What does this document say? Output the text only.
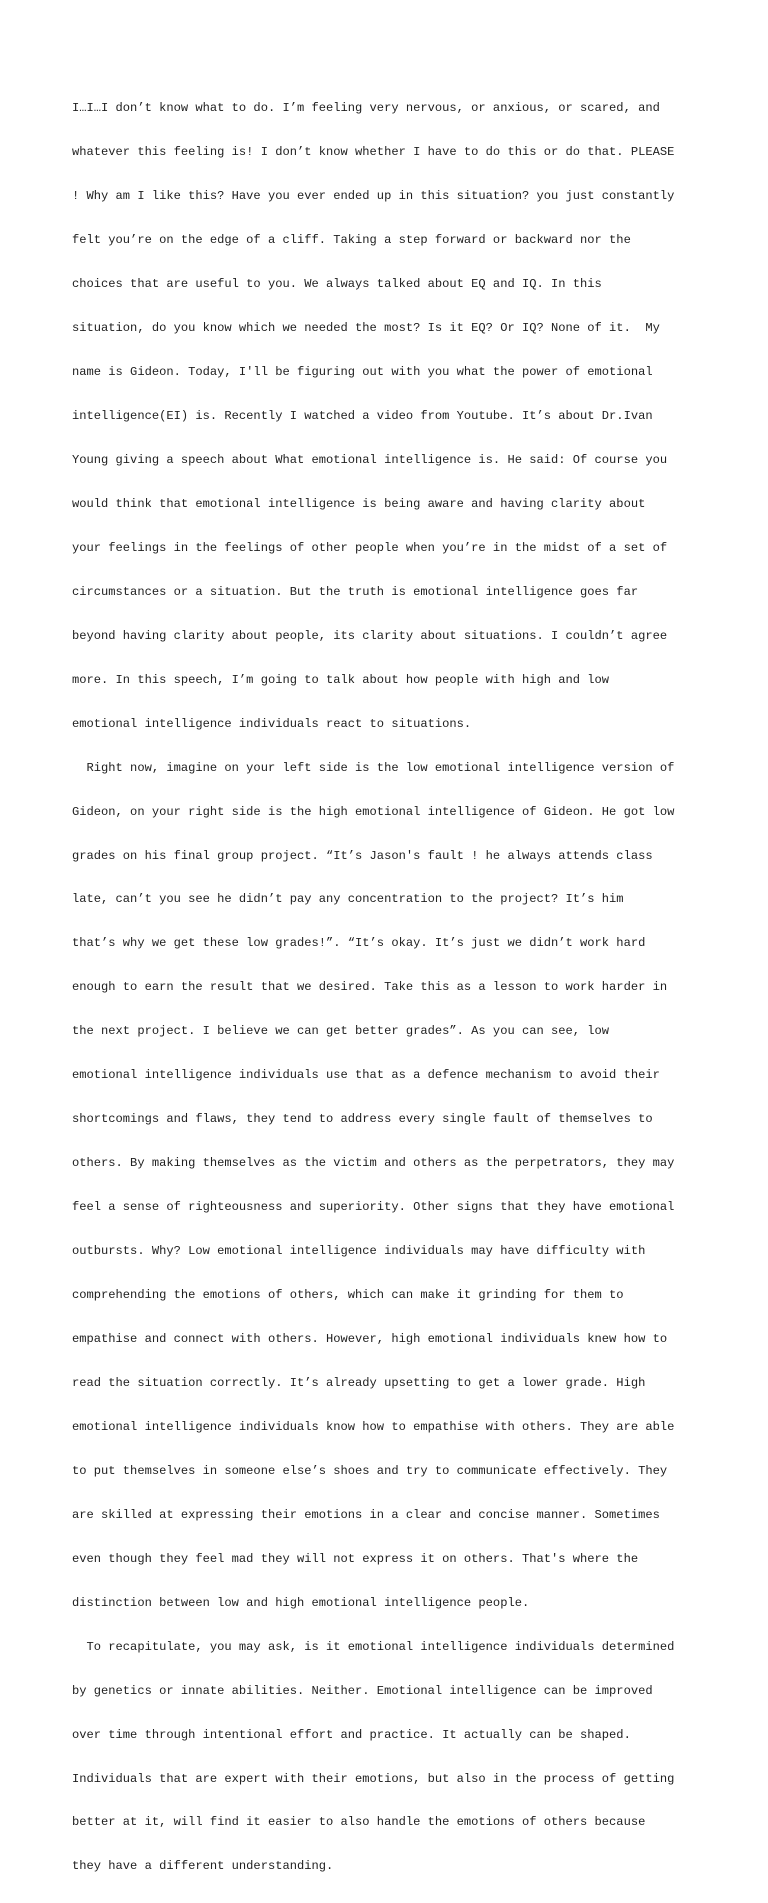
I…I…I don’t know what to do. I’m feeling very nervous, or anxious, or scared, and

whatever this feeling is! I don’t know whether I have to do this or do that. PLEASE

! Why am I like this? Have you ever ended up in this situation? you just constantly

felt you’re on the edge of a cliff. Taking a step forward or backward nor the

choices that are useful to you. We always talked about EQ and IQ. In this

situation, do you know which we needed the most? Is it EQ? Or IQ? None of it.  My

name is Gideon. Today, I'll be figuring out with you what the power of emotional

intelligence(EI) is. Recently I watched a video from Youtube. It’s about Dr.Ivan

Young giving a speech about What emotional intelligence is. He said: Of course you

would think that emotional intelligence is being aware and having clarity about

your feelings in the feelings of other people when you’re in the midst of a set of

circumstances or a situation. But the truth is emotional intelligence goes far

beyond having clarity about people, its clarity about situations. I couldn’t agree

more. In this speech, I’m going to talk about how people with high and low

emotional intelligence individuals react to situations.

Right now, imagine on your left side is the low emotional intelligence version of

Gideon, on your right side is the high emotional intelligence of Gideon. He got low

grades on his final group project. “It’s Jason's fault ! he always attends class

late, can’t you see he didn’t pay any concentration to the project? It’s him

that’s why we get these low grades!”. “It’s okay. It’s just we didn’t work hard

enough to earn the result that we desired. Take this as a lesson to work harder in

the next project. I believe we can get better grades”. As you can see, low

emotional intelligence individuals use that as a defence mechanism to avoid their

shortcomings and flaws, they tend to address every single fault of themselves to

others. By making themselves as the victim and others as the perpetrators, they may

feel a sense of righteousness and superiority. Other signs that they have emotional

outbursts. Why? Low emotional intelligence individuals may have difficulty with

comprehending the emotions of others, which can make it grinding for them to

empathise and connect with others. However, high emotional individuals knew how to

read the situation correctly. It’s already upsetting to get a lower grade. High

emotional intelligence individuals know how to empathise with others. They are able

to put themselves in someone else’s shoes and try to communicate effectively. They

are skilled at expressing their emotions in a clear and concise manner. Sometimes

even though they feel mad they will not express it on others. That's where the

distinction between low and high emotional intelligence people.

To recapitulate, you may ask, is it emotional intelligence individuals determined

by genetics or innate abilities. Neither. Emotional intelligence can be improved

over time through intentional effort and practice. It actually can be shaped.

Individuals that are expert with their emotions, but also in the process of getting

better at it, will find it easier to also handle the emotions of others because

they have a different understanding.
